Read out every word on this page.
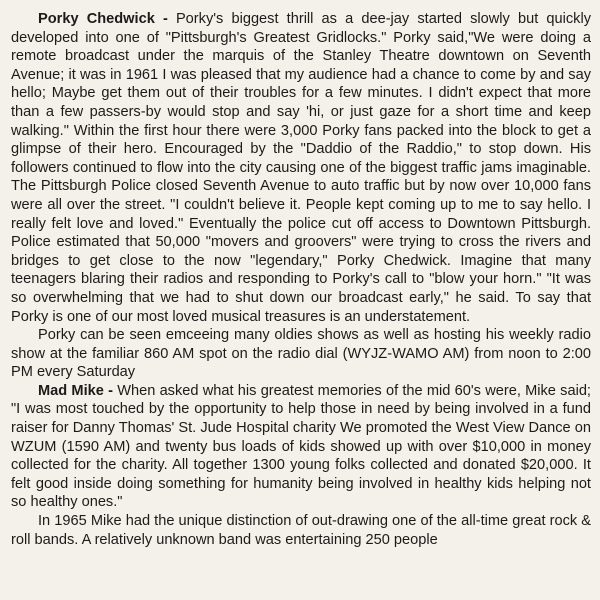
Porky Chedwick - Porky's biggest thrill as a dee-jay started slowly but quickly developed into one of "Pittsburgh's Greatest Gridlocks." Porky said,"We were doing a remote broadcast under the marquis of the Stanley Theatre downtown on Seventh Avenue; it was in 1961 I was pleased that my audience had a chance to come by and say hello; Maybe get them out of their troubles for a few minutes. I didn't expect that more than a few passers-by would stop and say 'hi, or just gaze for a short time and keep walking." Within the first hour there were 3,000 Porky fans packed into the block to get a glimpse of their hero. Encouraged by the "Daddio of the Raddio," to stop down. His followers continued to flow into the city causing one of the biggest traffic jams imaginable. The Pittsburgh Police closed Seventh Avenue to auto traffic but by now over 10,000 fans were all over the street. "I couldn't believe it. People kept coming up to me to say hello. I really felt love and loved." Eventually the police cut off access to Downtown Pittsburgh. Police estimated that 50,000 "movers and groovers" were trying to cross the rivers and bridges to get close to the now "legendary," Porky Chedwick. Imagine that many teenagers blaring their radios and responding to Porky's call to "blow your horn." "It was so overwhelming that we had to shut down our broadcast early," he said. To say that Porky is one of our most loved musical treasures is an understatement.

Porky can be seen emceeing many oldies shows as well as hosting his weekly radio show at the familiar 860 AM spot on the radio dial (WYJZ-WAMO AM) from noon to 2:00 PM every Saturday

Mad Mike - When asked what his greatest memories of the mid 60's were, Mike said; "I was most touched by the opportunity to help those in need by being involved in a fund raiser for Danny Thomas' St. Jude Hospital charity We promoted the West View Dance on WZUM (1590 AM) and twenty bus loads of kids showed up with over $10,000 in money collected for the charity. All together 1300 young folks collected and donated $20,000. It felt good inside doing something for humanity being involved in healthy kids helping not so healthy ones."

In 1965 Mike had the unique distinction of out-drawing one of the all-time great rock & roll bands. A relatively unknown band was entertaining 250 people
